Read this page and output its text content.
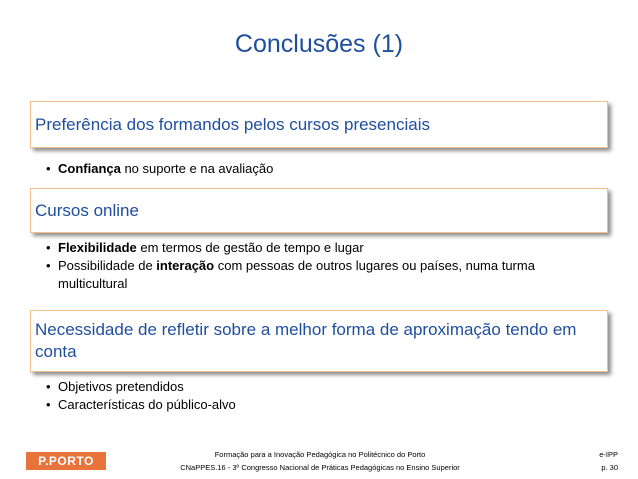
Conclusões (1)
Preferência dos formandos pelos cursos presenciais
• Confiança no suporte e na avaliação
Cursos online
• Flexibilidade em termos de gestão de tempo e lugar
• Possibilidade de interação com pessoas de outros lugares ou países, numa turma multicultural
Necessidade de refletir sobre a melhor forma de aproximação tendo em conta
• Objetivos pretendidos
• Características do público-alvo
P.PORTO	Formação para a Inovação Pedagógica no Politécnico do Porto
CNaPPES.16 - 3º Congresso Nacional de Práticas Pedagógicas no Ensino Superior
e-IPP
p. 30
